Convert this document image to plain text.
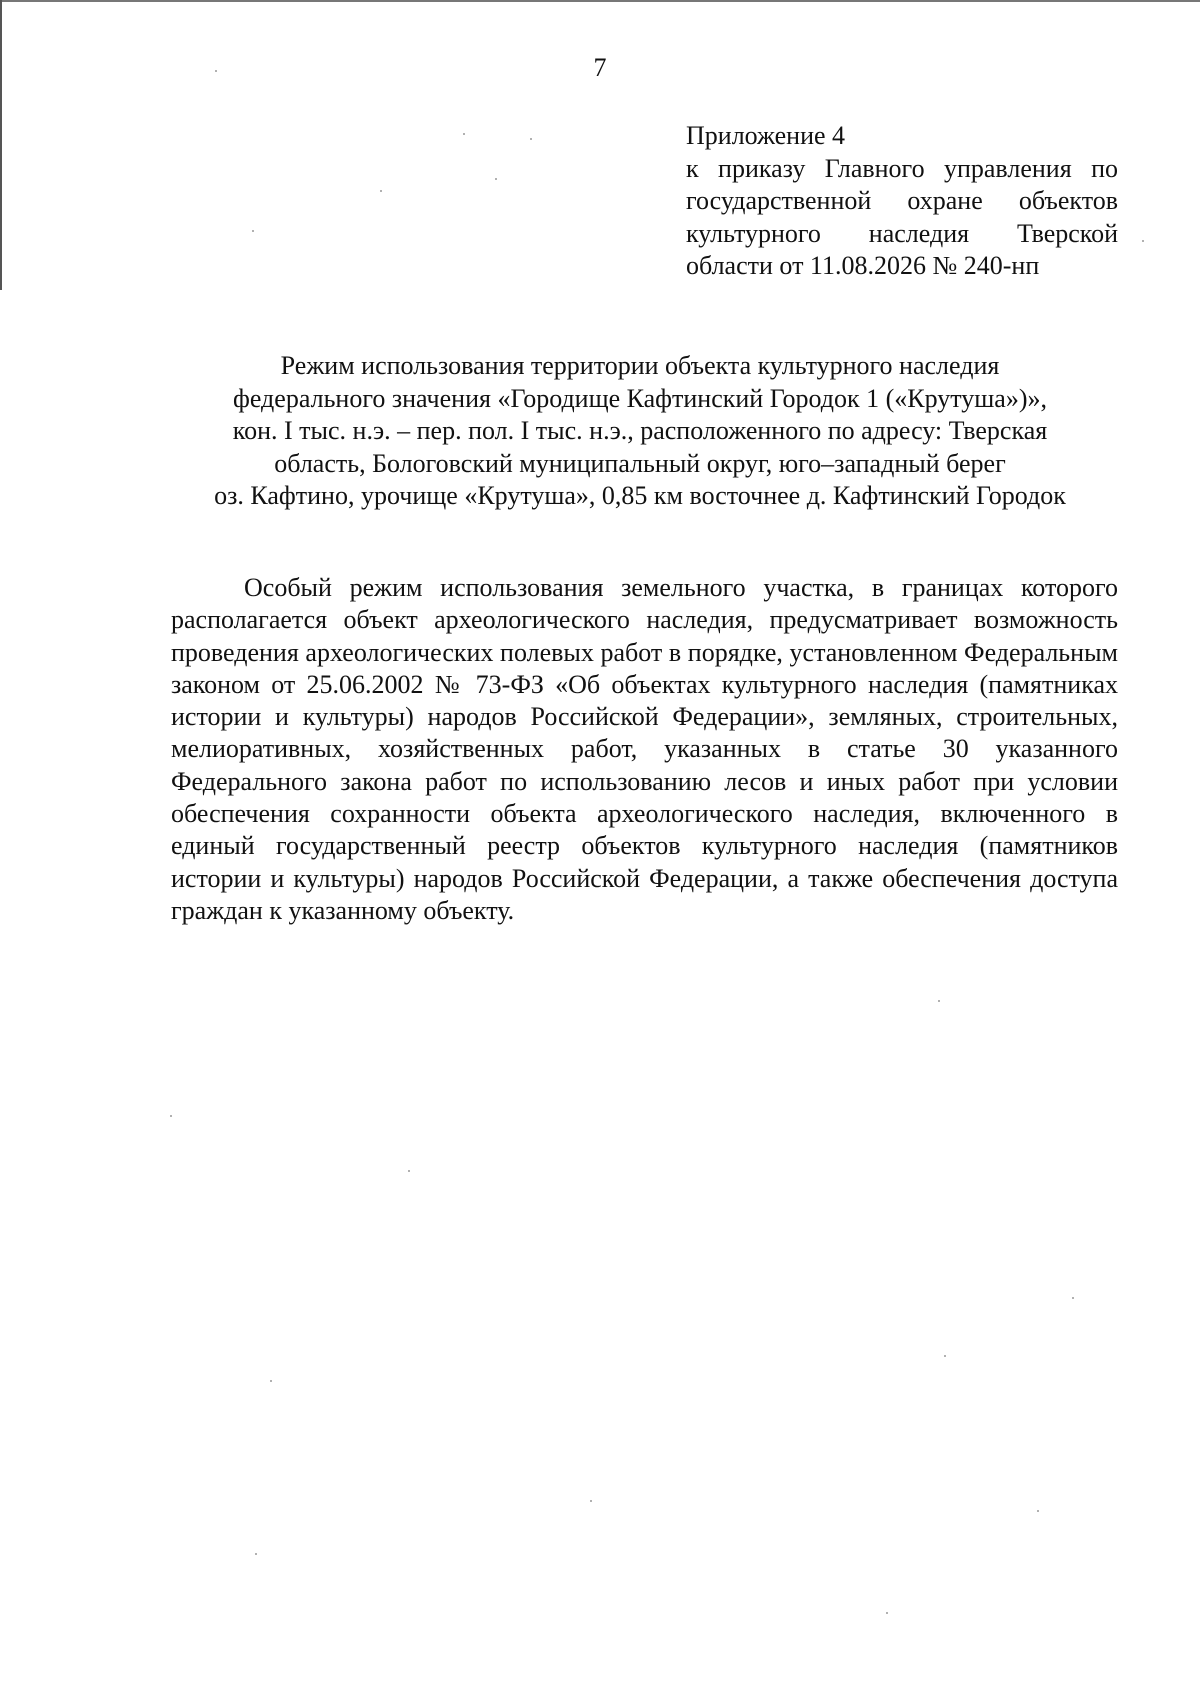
7
Приложение 4
к приказу Главного управления по
государственной охране объектов
культурного наследия Тверской
области от 11.08.2026 № 240-нп
Режим использования территории объекта культурного наследия
федерального значения «Городище Кафтинский Городок 1 («Крутуша»)»,
кон. I тыс. н.э. – пер. пол. I тыс. н.э., расположенного по адресу: Тверская
область, Бологовский муниципальный округ, юго–западный берег
оз. Кафтино, урочище «Крутуша», 0,85 км восточнее д. Кафтинский Городок

Особый режим использования земельного участка, в границах которого располагается объект археологического наследия, предусматривает возможность проведения археологических полевых работ в порядке, установленном Федеральным законом от 25.06.2002 № 73-ФЗ «Об объектах культурного наследия (памятниках истории и культуры) народов Российской Федерации», земляных, строительных, мелиоративных, хозяйственных работ, указанных в статье 30 указанного Федерального закона работ по использованию лесов и иных работ при условии обеспечения сохранности объекта археологического наследия, включенного в единый государственный реестр объектов культурного наследия (памятников истории и культуры) народов Российской Федерации, а также обеспечения доступа граждан к указанному объекту.
